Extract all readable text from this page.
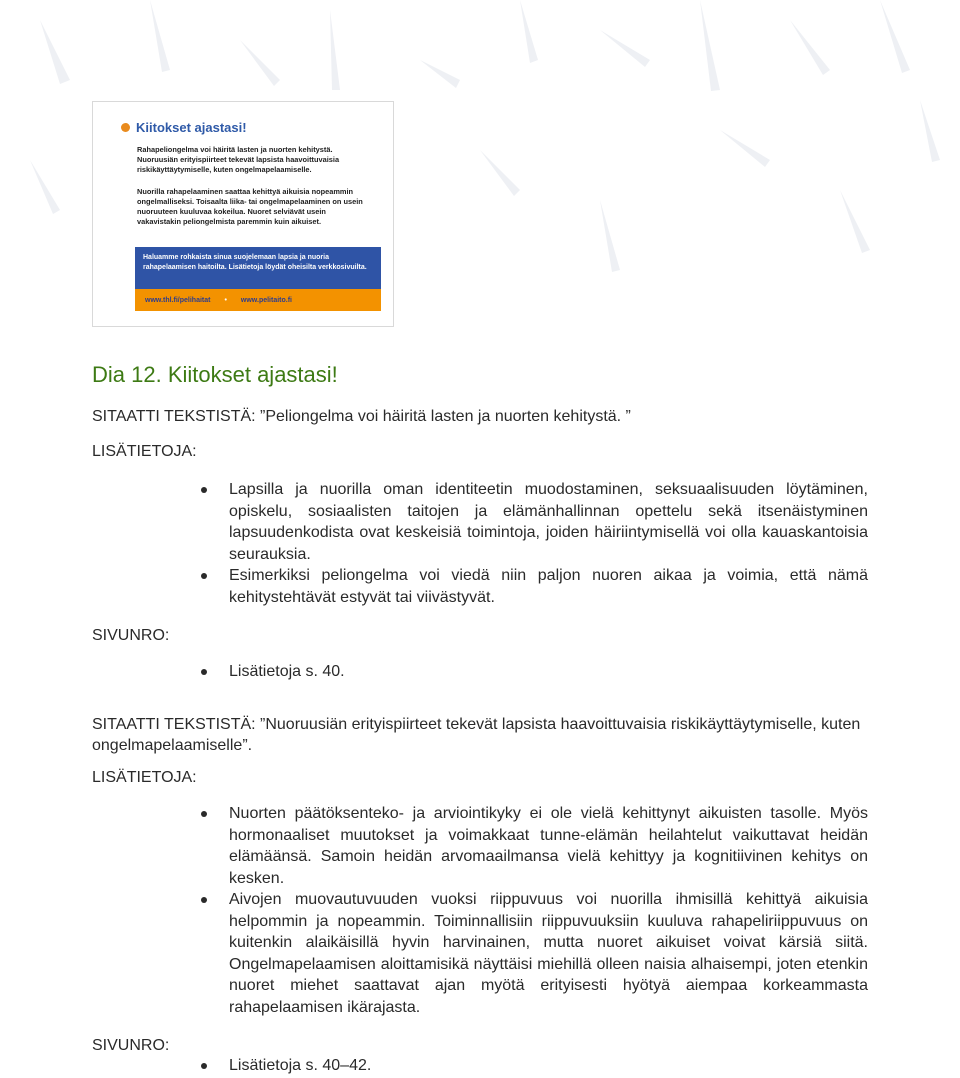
Kiitokset ajastasi!

Rahapeliongelma voi häiritä lasten ja nuorten kehitystä. Nuoruusiän erityispiirteet tekevät lapsista haavoittuvaisia riskikäyttäytymiselle, kuten ongelmapelaamiselle.

Nuorilla rahapelaaminen saattaa kehittyä aikuisia nopeammin ongelmalliseksi. Toisaalta liika- tai ongelmapelaaminen on usein nuoruuteen kuuluvaa kokeilua. Nuoret selviävät usein vakavistakin peliongelmista paremmin kuin aikuiset.

Haluamme rohkaista sinua suojelemaan lapsia ja nuoria rahapelaamisen haitoilta. Lisätietoja löydät oheisilta verkkosivuilta.
www.thl.fi/pelihaitat • www.pelitaito.fi
Dia 12. Kiitokset ajastasi!
SITAATTI TEKSTISTÄ: ”Peliongelma voi häiritä lasten ja nuorten kehitystä. ”
LISÄTIETOJA:
Lapsilla ja nuorilla oman identiteetin muodostaminen, seksuaalisuuden löytäminen, opiskelu, sosiaalisten taitojen ja elämänhallinnan opettelu sekä itsenäistyminen lapsuudenkodista ovat keskeisiä toimintoja, joiden häiriintymisellä voi olla kauaskantoisia seurauksia.
Esimerkiksi peliongelma voi viedä niin paljon nuoren aikaa ja voimia, että nämä kehitystehtävät estyvät tai viivästyvät.
SIVUNRO:
Lisätietoja s. 40.
SITAATTI TEKSTISTÄ: ”Nuoruusiän erityispiirteet tekevät lapsista haavoittuvaisia riskikäyttäytymiselle, kuten ongelmapelaamiselle”.
LISÄTIETOJA:
Nuorten päätöksenteko- ja arviointikyky ei ole vielä kehittynyt aikuisten tasolle. Myös hormonaaliset muutokset ja voimakkaat tunne-elämän heilahtelut vaikuttavat heidän elämäänsä. Samoin heidän arvomaailmansa vielä kehittyy ja kognitiivinen kehitys on kesken.
Aivojen muovautuvuuden vuoksi riippuvuus voi nuorilla ihmisillä kehittyä aikuisia helpommin ja nopeammin. Toiminnallisiin riippuvuuksiin kuuluva rahapeliriippuvuus on kuitenkin alaikäisillä hyvin harvinainen, mutta nuoret aikuiset voivat kärsiä siitä. Ongelmapelaamisen aloittamisikä näyttäisi miehillä olleen naisia alhaisempi, joten etenkin nuoret miehet saattavat ajan myötä erityisesti hyötyä aiempaa korkeammasta rahapelaamisen ikärajasta.
SIVUNRO:
Lisätietoja s. 40–42.
